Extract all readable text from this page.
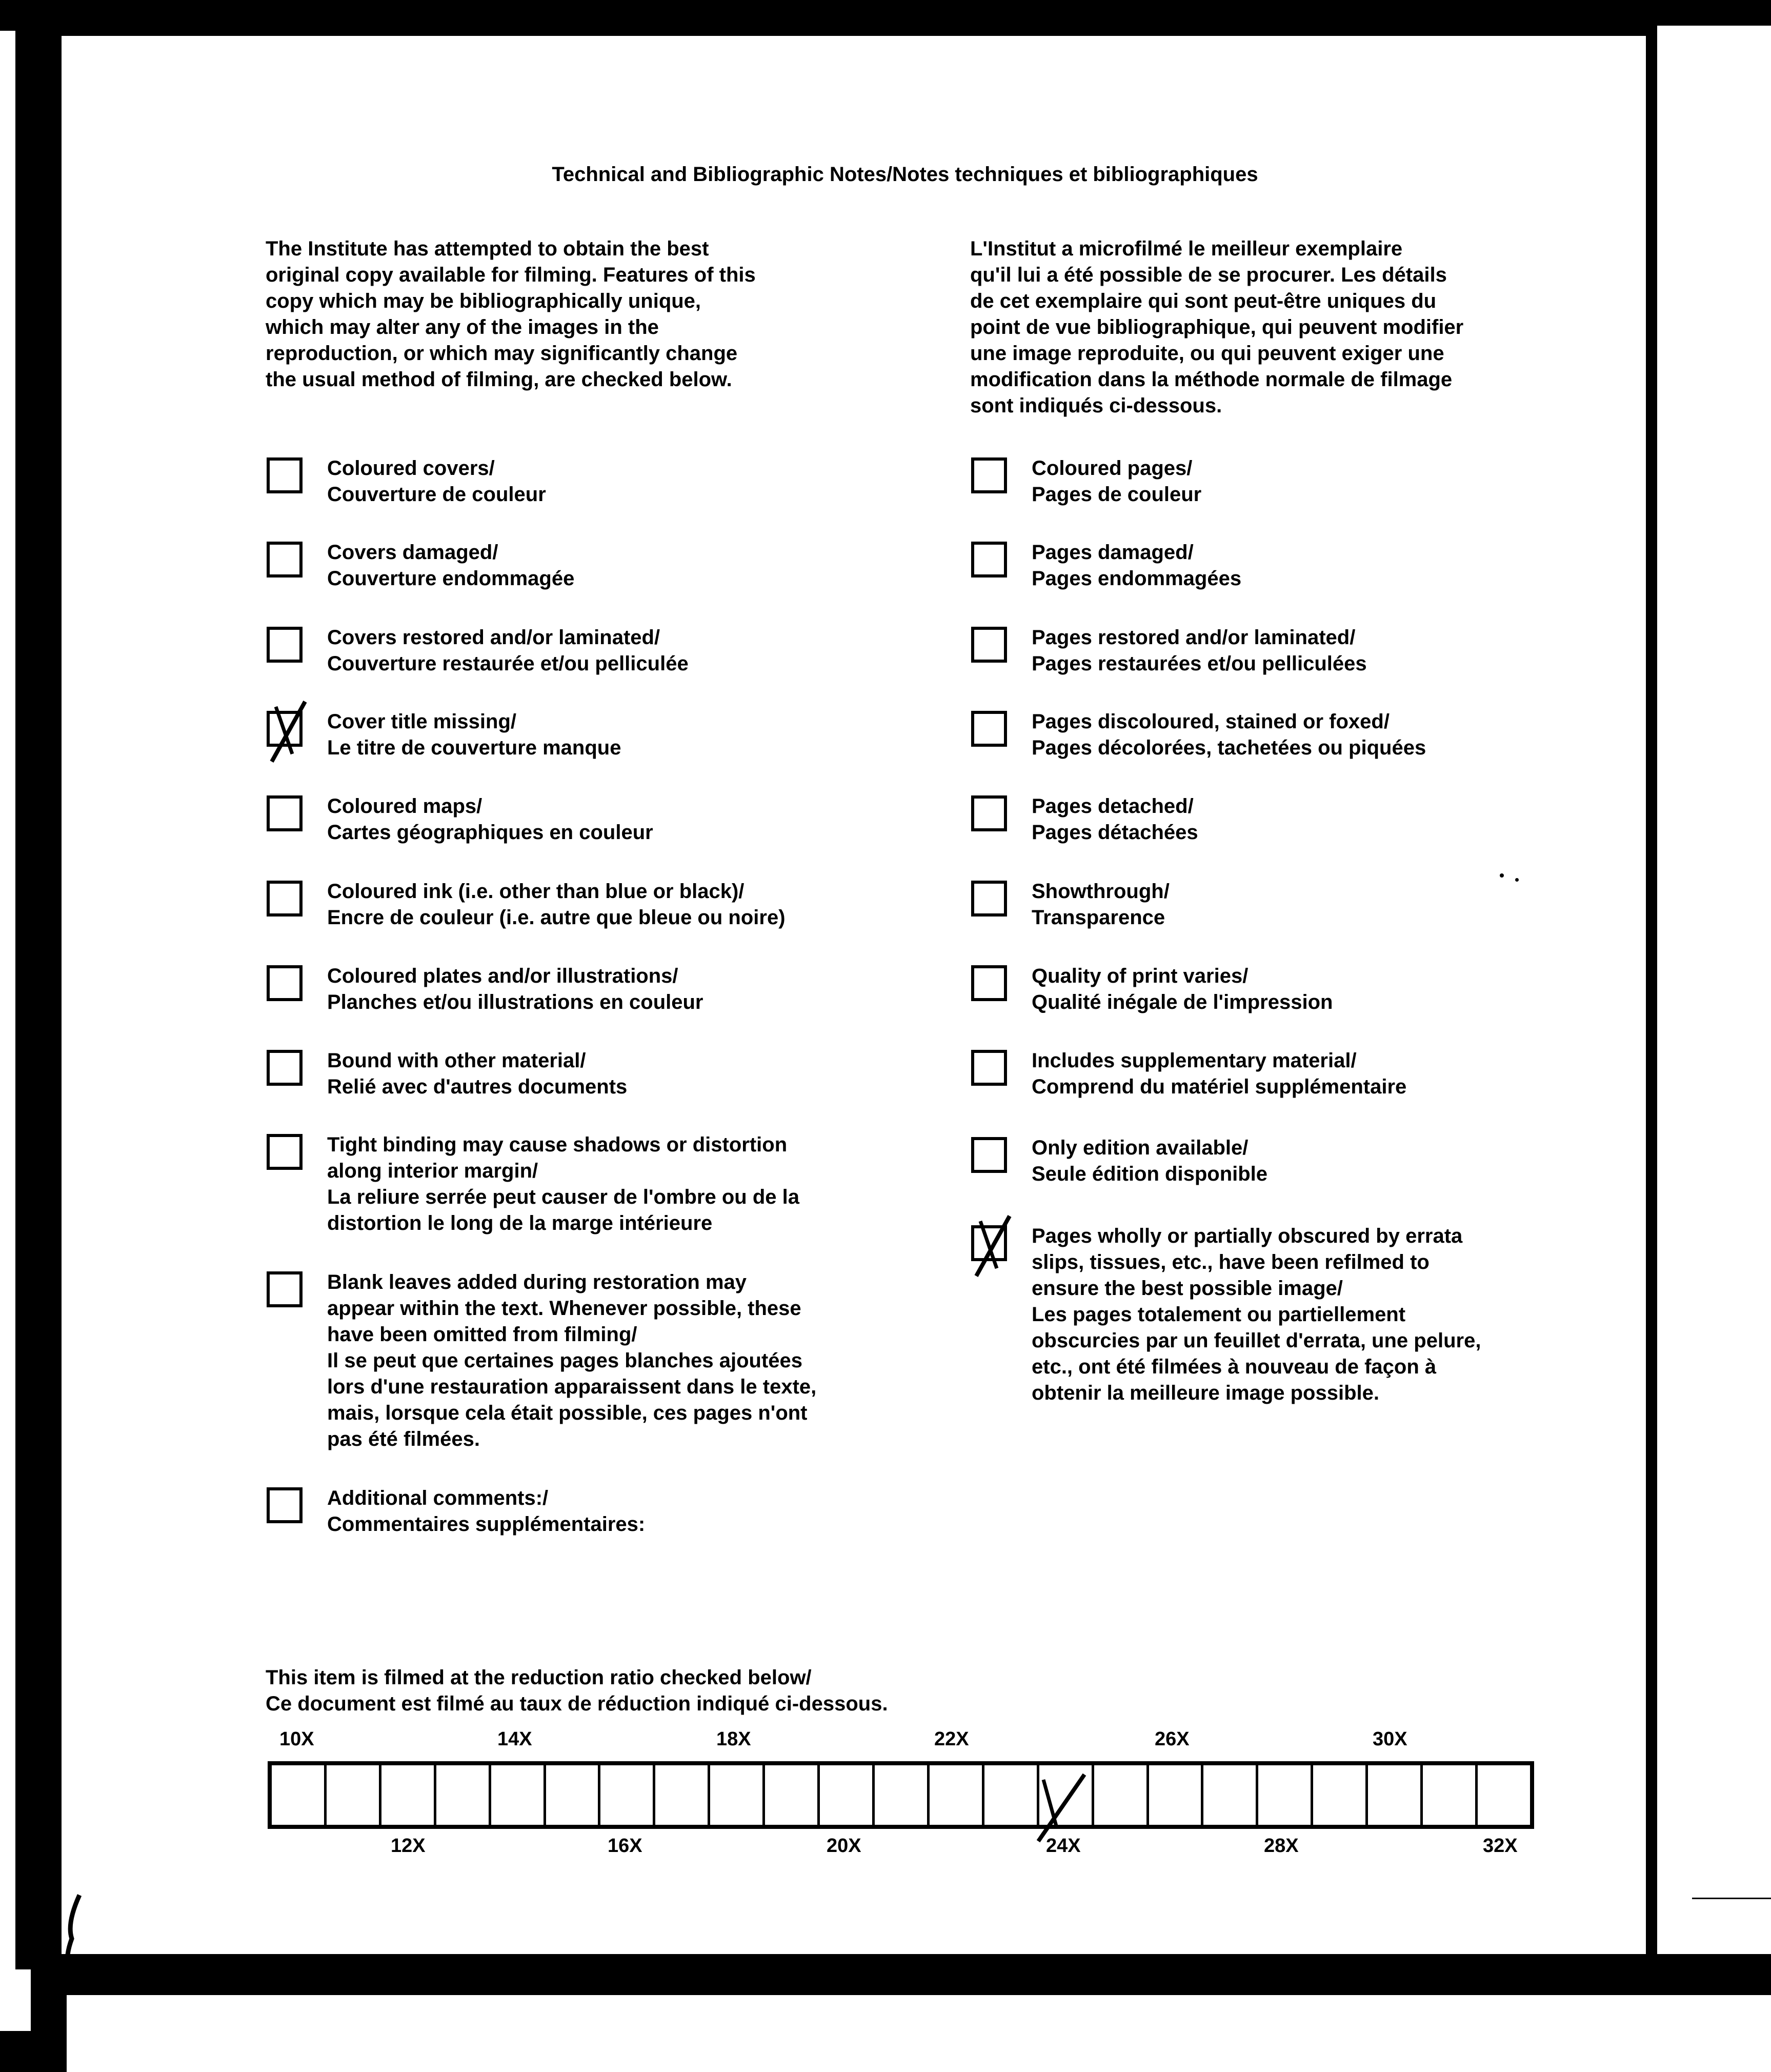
Technical and Bibliographic Notes/Notes techniques et bibliographiques
The Institute has attempted to obtain the best
original copy available for filming. Features of this
copy which may be bibliographically unique,
which may alter any of the images in the
reproduction, or which may significantly change
the usual method of filming, are checked below.
L'Institut a microfilmé le meilleur exemplaire
qu'il lui a été possible de se procurer. Les détails
de cet exemplaire qui sont peut-être uniques du
point de vue bibliographique, qui peuvent modifier
une image reproduite, ou qui peuvent exiger une
modification dans la méthode normale de filmage
sont indiqués ci-dessous.
Coloured covers/
Couverture de couleur
Covers damaged/
Couverture endommagée
Covers restored and/or laminated/
Couverture restaurée et/ou pelliculée
Cover title missing/
Le titre de couverture manque
Coloured maps/
Cartes géographiques en couleur
Coloured ink (i.e. other than blue or black)/
Encre de couleur (i.e. autre que bleue ou noire)
Coloured plates and/or illustrations/
Planches et/ou illustrations en couleur
Bound with other material/
Relié avec d'autres documents
Tight binding may cause shadows or distortion
along interior margin/
La reliure serrée peut causer de l'ombre ou de la
distortion le long de la marge intérieure
Blank leaves added during restoration may
appear within the text. Whenever possible, these
have been omitted from filming/
Il se peut que certaines pages blanches ajoutées
lors d'une restauration apparaissent dans le texte,
mais, lorsque cela était possible, ces pages n'ont
pas été filmées.
Additional comments:/
Commentaires supplémentaires:
Coloured pages/
Pages de couleur
Pages damaged/
Pages endommagées
Pages restored and/or laminated/
Pages restaurées et/ou pelliculées
Pages discoloured, stained or foxed/
Pages décolorées, tachetées ou piquées
Pages detached/
Pages détachées
Showthrough/
Transparence
Quality of print varies/
Qualité inégale de l'impression
Includes supplementary material/
Comprend du matériel supplémentaire
Only edition available/
Seule édition disponible
Pages wholly or partially obscured by errata
slips, tissues, etc., have been refilmed to
ensure the best possible image/
Les pages totalement ou partiellement
obscurcies par un feuillet d'errata, une pelure,
etc., ont été filmées à nouveau de façon à
obtenir la meilleure image possible.
This item is filmed at the reduction ratio checked below/
Ce document est filmé au taux de réduction indiqué ci-dessous.
10X	14X	18X	22X	26X	30X
12X	16X	20X	24X	28X	32X
